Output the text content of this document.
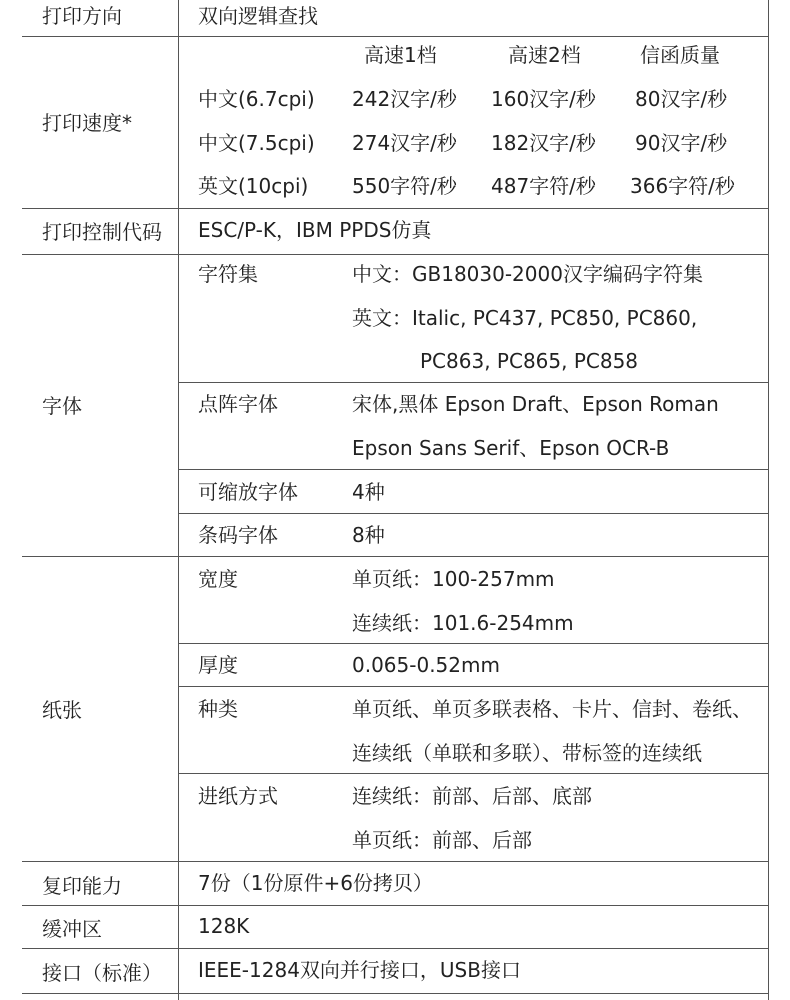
打印方向	双向逻辑查找
打印速度*
高速1档	高速2档	信函质量
中文(6.7cpi) 242汉字/秒 160汉字/秒 80汉字/秒
中文(7.5cpi) 274汉字/秒 182汉字/秒 90汉字/秒
英文(10cpi) 550字符/秒 487字符/秒 366字符/秒
打印控制代码 ESC/P-K，IBM PPDS仿真
字体
字符集	中文：GB18030-2000汉字编码字符集
英文：Italic, PC437, PC850, PC860,
PC863, PC865, PC858
点阵字体	宋体,黑体 Epson Draft、Epson Roman
Epson Sans Serif、Epson OCR-B
可缩放字体	4种
条码字体	8种
纸张
宽度	单页纸：100-257mm
连续纸：101.6-254mm
厚度	0.065-0.52mm
种类	单页纸、单页多联表格、卡片、信封、卷纸、
连续纸（单联和多联）、带标签的连续纸
进纸方式	连续纸：前部、后部、底部
单页纸：前部、后部
复印能力	7份（1份原件+6份拷贝）
缓冲区	128K
接口（标准） IEEE-1284双向并行接口，USB接口
